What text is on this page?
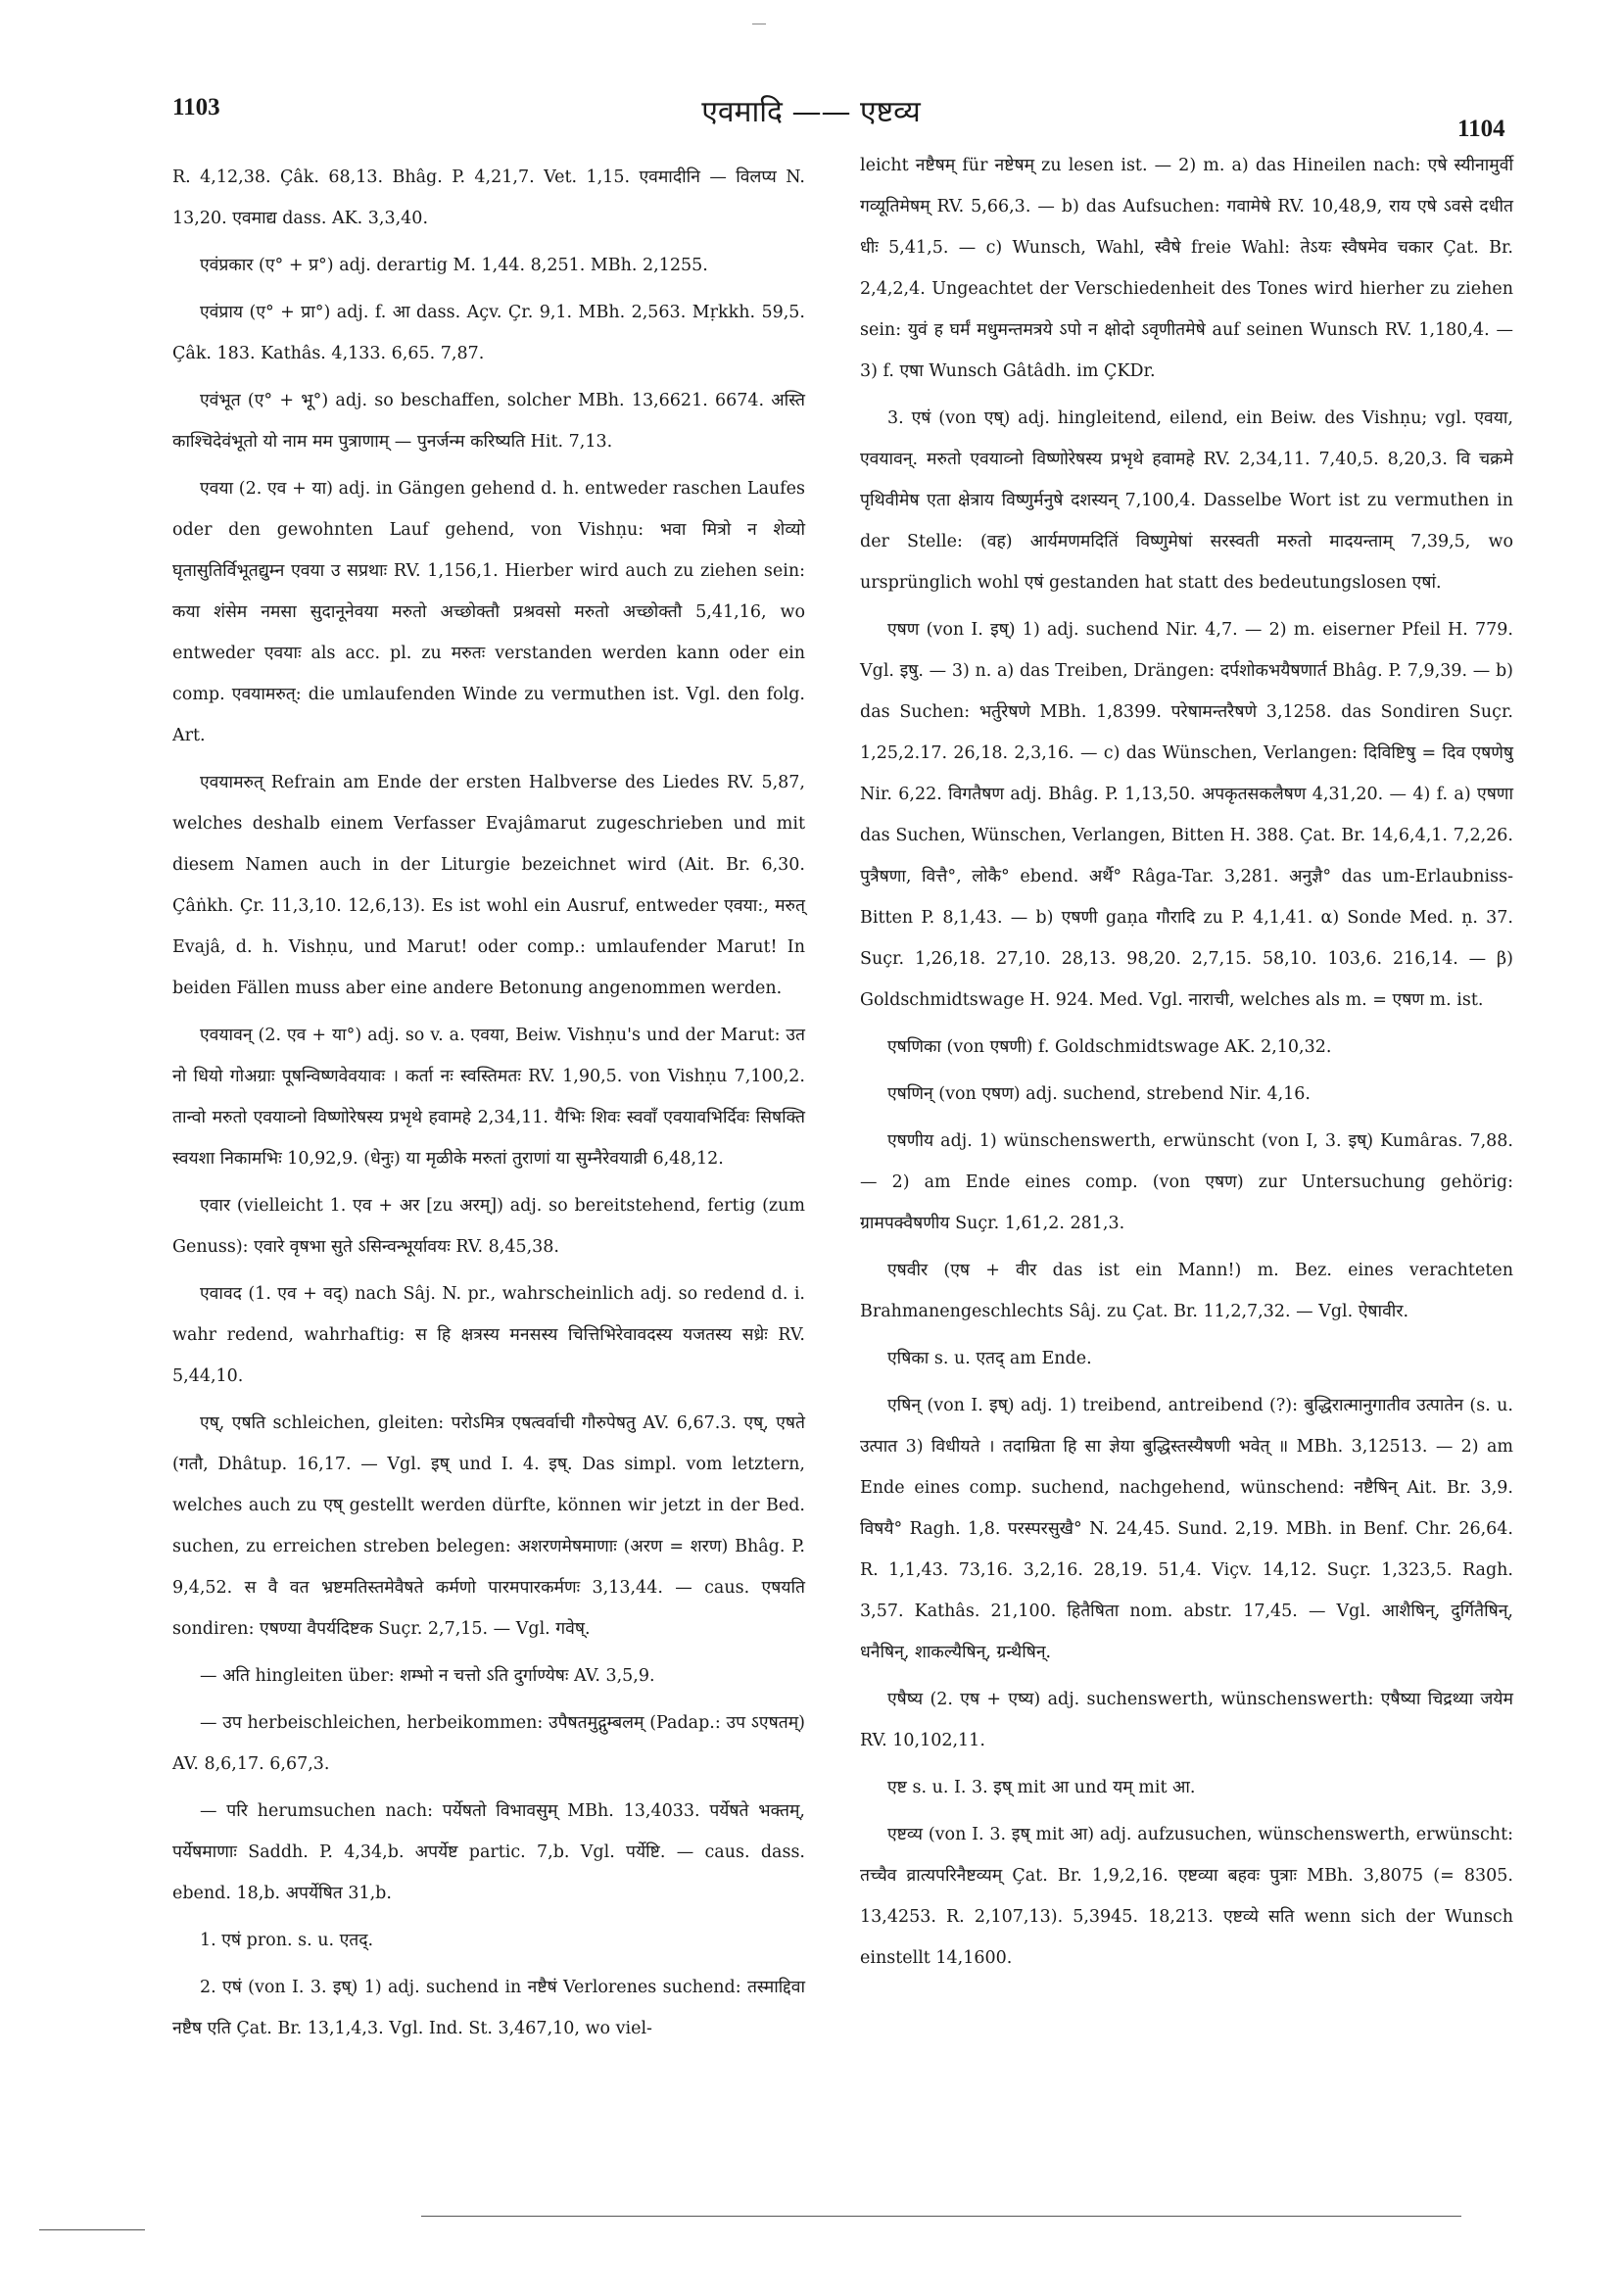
1103	एवमादि —— एष्टव्य	1104

R. 4,12,38. Çâk. 68,13. Bhâg. P. 4,21,7. Vet. 1,15. एवमादीनि — विलप्य N. 13,20. एवमाद्य dass. AK. 3,3,40.

एवंप्रकार (ए° + प्र°) adj. derartig M. 1,44. 8,251. MBh. 2,1255.

एवंप्राय (ए° + प्रा°) adj. f. आ dass. Açv. Çr. 9,1. MBh. 2,563. Mṛkkh. 59,5. Çâk. 183. Kathâs. 4,133. 6,65. 7,87.

एवंभूत (ए° + भू°) adj. so beschaffen, solcher MBh. 13,6621. 6674. अस्ति काश्चिदेवंभूतो यो नाम मम पुत्राणाम् — पुनर्जन्म करिष्यति Hit. 7,13.

एवया (2. एव + या) adj. in Gängen gehend d. h. entweder raschen Laufes oder den gewohnten Lauf gehend, von Vishṇu: भवा मित्रो न शेव्यो घृतासुतिर्विभूतद्युम्न एवया उ सप्रथाः RV. 1,156,1. Hierber wird auch zu ziehen sein: कया शंसेम नमसा सुदानूनेवया मरुतो अच्छोक्तौ प्रश्रवसो मरुतो अच्छोक्तौ 5,41,16, wo entweder एवयाः als acc. pl. zu मरुतः verstanden werden kann oder ein comp. एवयामरुत्: die umlaufenden Winde zu vermuthen ist. Vgl. den folg. Art.

एवयामरुत् Refrain am Ende der ersten Halbverse des Liedes RV. 5,87, welches deshalb einem Verfasser Evajâmarut zugeschrieben und mit diesem Namen auch in der Liturgie bezeichnet wird (Ait. Br. 6,30. Çâṅkh. Çr. 11,3,10. 12,6,13). Es ist wohl ein Ausruf, entweder एवया:, मरुत् Evajâ, d. h. Vishṇu, und Marut! oder comp.: umlaufender Marut! In beiden Fällen muss aber eine andere Betonung angenommen werden.

एवयावन् (2. एव + या°) adj. so v. a. एवया, Beiw. Vishṇu's und der Marut: उत नो धियो गोअग्राः पूषन्विष्णवेवयावः । कर्ता नः स्वस्तिमतः RV. 1,90,5. von Vishṇu 7,100,2. तान्वो मरुतो एवयाव्नो विष्णोरेषस्य प्रभृथे हवामहे 2,34,11. यैभिः शिवः स्ववाँ एवयावभिर्दिवः सिषक्ति स्वयशा निकामभिः 10,92,9. (धेनुः) या मृळीके मरुतां तुराणां या सुम्नैरेवयाव्री 6,48,12.

एवार (vielleicht 1. एव + अर [zu अरम्]) adj. so bereitstehend, fertig (zum Genuss): एवारे वृषभा सुते ऽसिन्वन्भूर्यावयः RV. 8,45,38.

एवावद (1. एव + वद्) nach Sâj. N. pr., wahrscheinlich adj. so redend d. i. wahr redend, wahrhaftig: स हि क्षत्रस्य मनसस्य चित्तिभिरेवावदस्य यजतस्य सध्रेः RV. 5,44,10.

एष्, एषति schleichen, gleiten: परोऽमित्र एषत्वर्वाची गौरुपेषतु AV. 6,67.3. एष्, एषते (गतौ, Dhâtup. 16,17. — Vgl. इष् und I. 4. इष्. Das simpl. vom letztern, welches auch zu एष् gestellt werden dürfte, können wir jetzt in der Bed. suchen, zu erreichen streben belegen: अशरणमेषमाणाः (अरण = शरण) Bhâg. P. 9,4,52. स वै वत भ्रष्टमतिस्तमेवैषते कर्मणो पारमपारकर्मणः 3,13,44. — caus. एषयति sondiren: एषण्या वैपर्यदिष्टक Suçr. 2,7,15. — Vgl. गवेष्.

— अति hingleiten über: शम्भो न चत्तो ऽति दुर्गाण्येषः AV. 3,5,9.

— उप herbeischleichen, herbeikommen: उपैषतमुद्गुम्बलम् (Padap.: उप ऽएषतम्) AV. 8,6,17. 6,67,3.

— परि herumsuchen nach: पर्येषतो विभावसुम् MBh. 13,4033. पर्येषते भक्तम्, पर्येषमाणाः Saddh. P. 4,34,b. अपर्येष्ट partic. 7,b. Vgl. पर्येष्टि. — caus. dass. ebend. 18,b. अपर्येषित 31,b.

1. एषं pron. s. u. एतद्.

2. एषं (von I. 3. इष्) 1) adj. suchend in नष्टैषं Verlorenes suchend: तस्माद्दिवा नष्टैष एति Çat. Br. 13,1,4,3. Vgl. Ind. St. 3,467,10, wo viel-

leicht नष्टैषम् für नष्टेषम् zu lesen ist. — 2) m. a) das Hineilen nach: एषे स्यीनामुर्वी गव्यूतिमेषम् RV. 5,66,3. — b) das Aufsuchen: गवामेषे RV. 10,48,9, राय एषे ऽवसे दधीत धीः 5,41,5. — c) Wunsch, Wahl, स्वैषे freie Wahl: तेऽयः स्वैषमेव चकार Çat. Br. 2,4,2,4. Ungeachtet der Verschiedenheit des Tones wird hierher zu ziehen sein: युवं ह घर्मं मधुमन्तमत्रये ऽपो न क्षोदो ऽवृणीतमेषे auf seinen Wunsch RV. 1,180,4. — 3) f. एषा Wunsch Gâtâdh. im ÇKDr.

3. एषं (von एष्) adj. hingleitend, eilend, ein Beiw. des Vishṇu; vgl. एवया, एवयावन्. मरुतो एवयाव्नो विष्णोरेषस्य प्रभृथे हवामहे RV. 2,34,11. 7,40,5. 8,20,3. वि चक्रमे पृथिवीमेष एता क्षेत्राय विष्णुर्मनुषे दशस्यन् 7,100,4. Dasselbe Wort ist zu vermuthen in der Stelle: (वह) आर्यमणमदितिं विष्णुमेषां सरस्वती मरुतो मादयन्ताम् 7,39,5, wo ursprünglich wohl एषं gestanden hat statt des bedeutungslosen एषां.

एषण (von I. इष्) 1) adj. suchend Nir. 4,7. — 2) m. eiserner Pfeil H. 779. Vgl. इषु. — 3) n. a) das Treiben, Drängen: दर्पशोकभयैषणार्त Bhâg. P. 7,9,39. — b) das Suchen: भर्तुरेषणे MBh. 1,8399. परेषामन्तरैषणे 3,1258. das Sondiren Suçr. 1,25,2.17. 26,18. 2,3,16. — c) das Wünschen, Verlangen: दिविष्टिषु = दिव एषणेषु Nir. 6,22. विगतैषण adj. Bhâg. P. 1,13,50. अपकृतसकलैषण 4,31,20. — 4) f. a) एषणा das Suchen, Wünschen, Verlangen, Bitten H. 388. Çat. Br. 14,6,4,1. 7,2,26. पुत्रैषणा, वित्तै°, लोकै° ebend. अर्थै° Râga-Tar. 3,281. अनुज्ञै° das um-Erlaubniss-Bitten P. 8,1,43. — b) एषणी gaṇa गौरादि zu P. 4,1,41. α) Sonde Med. ṇ. 37. Suçr. 1,26,18. 27,10. 28,13. 98,20. 2,7,15. 58,10. 103,6. 216,14. — β) Goldschmidtswage H. 924. Med. Vgl. नाराची, welches als m. = एषण m. ist.

एषणिका (von एषणी) f. Goldschmidtswage AK. 2,10,32.

एषणिन् (von एषण) adj. suchend, strebend Nir. 4,16.

एषणीय adj. 1) wünschenswerth, erwünscht (von I, 3. इष्) Kumâras. 7,88. — 2) am Ende eines comp. (von एषण) zur Untersuchung gehörig: ग्रामपक्वैषणीय Suçr. 1,61,2. 281,3.

एषवीर (एष + वीर das ist ein Mann!) m. Bez. eines verachteten Brahmanengeschlechts Sâj. zu Çat. Br. 11,2,7,32. — Vgl. ऐषावीर.

एषिका s. u. एतद् am Ende.

एषिन् (von I. इष्) adj. 1) treibend, antreibend (?): बुद्धिरात्मानुगातीव उत्पातेन (s. u. उत्पात 3) विधीयते । तदाम्रिता हि सा ज्ञेया बुद्धिस्तस्यैषणी भवेत् ॥ MBh. 3,12513. — 2) am Ende eines comp. suchend, nachgehend, wünschend: नष्टैषिन् Ait. Br. 3,9. विषयै° Ragh. 1,8. परस्परसुखै° N. 24,45. Sund. 2,19. MBh. in Benf. Chr. 26,64. R. 1,1,43. 73,16. 3,2,16. 28,19. 51,4. Viçv. 14,12. Suçr. 1,323,5. Ragh. 3,57. Kathâs. 21,100. हितैषिता nom. abstr. 17,45. — Vgl. आशैषिन्, दुर्गितैषिन्, धनैषिन्, शाकल्यैषिन्, ग्रन्थैषिन्.

एषैष्य (2. एष + एष्य) adj. suchenswerth, wünschenswerth: एषैष्या चिद्रथ्या जयेम RV. 10,102,11.

एष्ट s. u. I. 3. इष् mit आ und यम् mit आ.

एष्टव्य (von I. 3. इष् mit आ) adj. aufzusuchen, wünschenswerth, erwünscht: तच्चैव व्रात्यपरिनैष्टव्यम् Çat. Br. 1,9,2,16. एष्टव्या बहवः पुत्राः MBh. 3,8075 (= 8305. 13,4253. R. 2,107,13). 5,3945. 18,213. एष्टव्ये सति wenn sich der Wunsch einstellt 14,1600.
